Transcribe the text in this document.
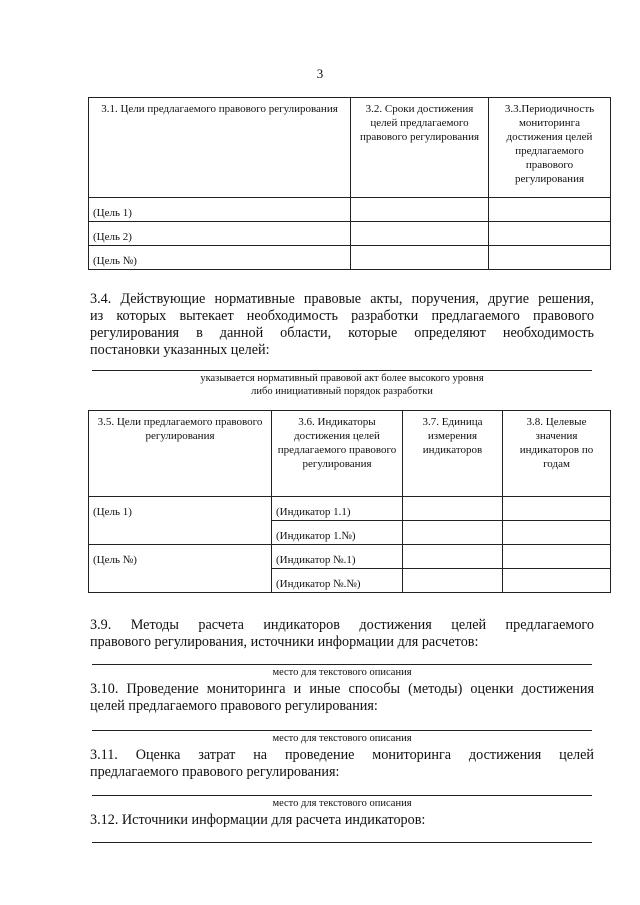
3
3.1. Цели предлагаемого правового регулирования	3.2. Сроки достижения целей предлагаемого правового регулирования	3.3.Периодичность мониторинга достижения целей предлагаемого правового регулирования
(Цель 1)		
(Цель 2)		
(Цель №)		
3.4. Действующие нормативные правовые акты, поручения, другие решения,
из которых вытекает необходимость разработки предлагаемого правового
регулирования в данной области, которые определяют необходимость
постановки указанных целей:
указывается нормативный правовой акт более высокого уровня
либо инициативный порядок разработки
3.5. Цели предлагаемого правового регулирования	3.6. Индикаторы достижения целей предлагаемого правового регулирования	3.7. Единица измерения индикаторов	3.8. Целевые значения индикаторов по годам
(Цель 1)	(Индикатор 1.1)		
	(Индикатор 1.№)		
(Цель №)	(Индикатор №.1)		
	(Индикатор №.№)		
3.9. Методы расчета индикаторов достижения целей предлагаемого
правового регулирования, источники информации для расчетов:
место для текстового описания
3.10. Проведение мониторинга и иные способы (методы) оценки достижения
целей предлагаемого правового регулирования:
место для текстового описания
3.11. Оценка затрат на проведение мониторинга достижения целей
предлагаемого правового регулирования:
место для текстового описания
3.12. Источники информации для расчета индикаторов:
